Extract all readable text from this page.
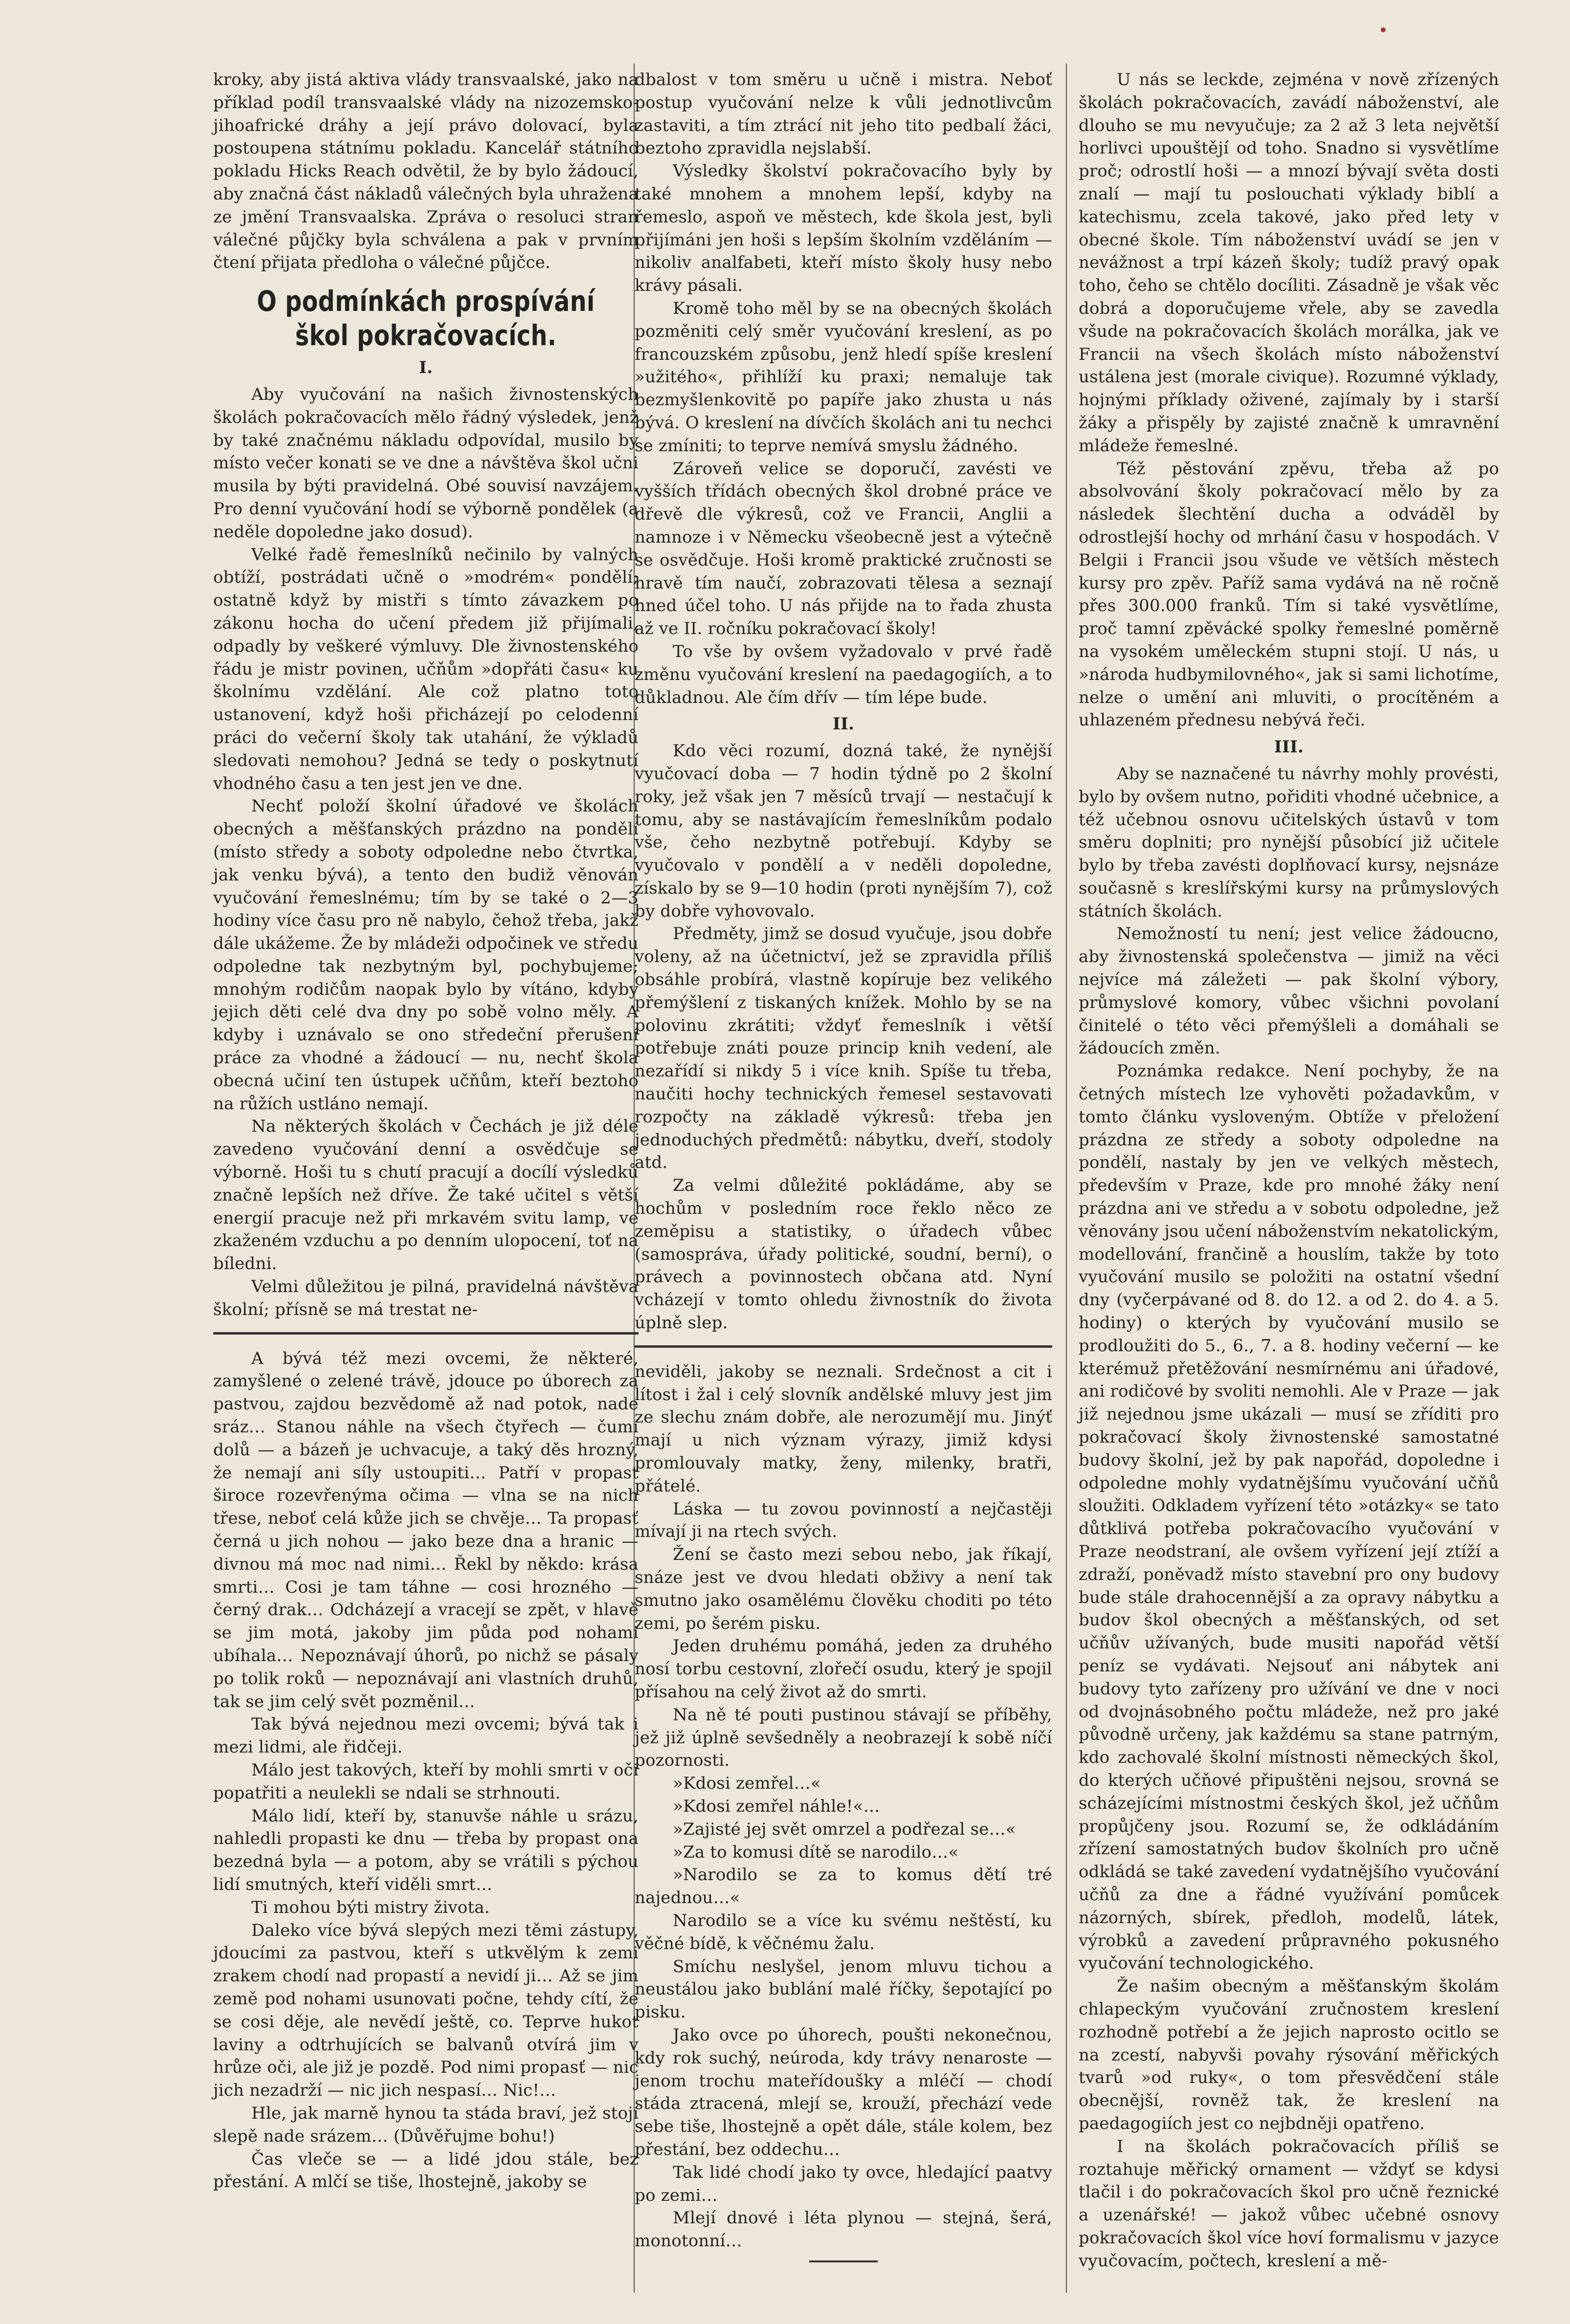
kroky, aby jistá aktiva vlády transvaalské, jako na příklad podíl transvaalské vlády na nizozemsko-jihoafrické dráhy a její právo dolovací, byla postoupena státnímu pokladu. Kancelář státního pokladu Hicks Reach odvětil, že by bylo žádoucí, aby značná část nákladů válečných byla uhražena ze jmění Transvaalska. Zpráva o resoluci stran válečné půjčky byla schválena a pak v prvním čtení přijata předloha o válečné půjčce.

O podmínkách prospívání škol pokračovacích.
I.

Aby vyučování na našich živnostenských školách pokračovacích mělo řádný výsledek, jenž by také značnému nákladu odpovídal, musilo by místo večer konati se ve dne a návštěva škol učni musila by býti pravidelná. Obé souvisí navzájem. Pro denní vyučování hodí se výborně pondělek (a neděle dopoledne jako dosud).

Velké řadě řemeslníků nečinilo by valných obtíží, postrádati učně o »modrém« pondělí; ostatně když by mistři s tímto závazkem po zákonu hocha do učení předem již přijímali, odpadly by veškeré výmluvy. Dle živnostenského řádu je mistr povinen, učňům »dopřáti času« ku školnímu vzdělání. Ale což platno toto ustanovení, když hoši přicházejí po celodenní práci do večerní školy tak utahání, že výkladů sledovati nemohou? Jedná se tedy o poskytnutí vhodného času a ten jest jen ve dne.

Nechť položí školní úřadové ve školách obecných a měšťanských prázdno na pondělí (místo středy a soboty odpoledne nebo čtvrtka, jak venku bývá), a tento den budiž věnován vyučování řemeslnému; tím by se také o 2—3 hodiny více času pro ně nabylo, čehož třeba, jakž dále ukážeme. Že by mládeži odpočinek ve středu odpoledne tak nezbytným byl, pochybujeme; mnohým rodičům naopak bylo by vítáno, kdyby jejich děti celé dva dny po sobě volno měly. A kdyby i uznávalo se ono středeční přerušení práce za vhodné a žádoucí — nu, nechť škola obecná učiní ten ústupek učňům, kteří beztoho na růžích ustláno nemají.

Na některých školách v Čechách je již déle zavedeno vyučování denní a osvědčuje se výborně. Hoši tu s chutí pracují a docílí výsledků značně lepších než dříve. Že také učitel s větší energií pracuje než při mrkavém svitu lamp, ve zkaženém vzduchu a po denním ulopocení, toť na bíledni.

Velmi důležitou je pilná, pravidelná návštěva školní; přísně se má trestat ne-

A bývá též mezi ovcemi, že některé, zamyšlené o zelené trávě, jdouce po úborech za pastvou, zajdou bezvědomě až nad potok, nade sráz… Stanou náhle na všech čtyřech — čumí dolů — a bázeň je uchvacuje, a taký děs hrozný, že nemají ani síly ustoupiti… Patří v propast široce rozevřenýma očima — vlna se na nich třese, neboť celá kůže jich se chvěje… Ta propasť černá u jich nohou — jako beze dna a hranic — divnou má moc nad nimi… Řekl by někdo: krása smrti… Cosi je tam táhne — cosi hrozného — černý drak… Odcházejí a vracejí se zpět, v hlavě se jim motá, jakoby jim půda pod nohami ubíhala… Nepoznávají úhorů, po nichž se pásaly po tolik roků — nepoznávají ani vlastních druhů, tak se jim celý svět pozměnil…

Tak bývá nejednou mezi ovcemi; bývá tak i mezi lidmi, ale řidčeji.

Málo jest takových, kteří by mohli smrti v oči popatřiti a neulekli se ndali se strhnouti.

Málo lidí, kteří by, stanuvše náhle u srázu, nahledli propasti ke dnu — třeba by propast ona bezedná byla — a potom, aby se vrátili s pýchou lidí smutných, kteří viděli smrt…

Ti mohou býti mistry života.

Daleko více bývá slepých mezi těmi zástupy, jdoucími za pastvou, kteří s utkvělým k zemi zrakem chodí nad propastí a nevidí ji… Až se jim země pod nohami usunovati počne, tehdy cítí, že se cosi děje, ale nevědí ještě, co. Teprve hukot laviny a odtrhujících se balvanů otvírá jim v hrůze oči, ale již je pozdě. Pod nimi propasť — nic jich nezadrží — nic jich nespasí… Nic!…

Hle, jak marně hynou ta stáda braví, jež stojí slepě nade srázem… (Důvěřujme bohu!)

Čas vleče se — a lidé jdou stále, bez přestání. A mlčí se tiše, lhostejně, jakoby se

dbalost v tom směru u učně i mistra. Neboť postup vyučování nelze k vůli jednotlivcům zastaviti, a tím ztrácí nit jeho tito pedbalí žáci, beztoho zpravidla nejslabší.

Výsledky školství pokračovacího byly by také mnohem a mnohem lepší, kdyby na řemeslo, aspoň ve městech, kde škola jest, byli přijímáni jen hoši s lepším školním vzděláním — nikoliv analfabeti, kteří místo školy husy nebo krávy pásali.

Kromě toho měl by se na obecných školách pozměniti celý směr vyučování kreslení, as po francouzském způsobu, jenž hledí spíše kreslení »užitého«, přihlíží ku praxi; nemaluje tak bezmyšlenkovitě po papíře jako zhusta u nás bývá. O kreslení na dívčích školách ani tu nechci se zmíniti; to teprve nemívá smyslu žádného.

Zároveň velice se doporučí, zavésti ve vyšších třídách obecných škol drobné práce ve dřevě dle výkresů, což ve Francii, Anglii a namnoze i v Německu všeobecně jest a výtečně se osvědčuje. Hoši kromě praktické zručnosti se hravě tím naučí, zobrazovati tělesa a seznají hned účel toho. U nás přijde na to řada zhusta až ve II. ročníku pokračovací školy!

To vše by ovšem vyžadovalo v prvé řadě změnu vyučování kreslení na paedagogiích, a to důkladnou. Ale čím dřív — tím lépe bude.

II.

Kdo věci rozumí, dozná také, že nynější vyučovací doba — 7 hodin týdně po 2 školní roky, jež však jen 7 měsíců trvají — nestačují k tomu, aby se nastávajícím řemeslníkům podalo vše, čeho nezbytně potřebují. Kdyby se vyučovalo v pondělí a v neděli dopoledne, získalo by se 9—10 hodin (proti nynějším 7), což by dobře vyhovovalo.

Předměty, jimž se dosud vyučuje, jsou dobře voleny, až na účetnictví, jež se zpravidla příliš obsáhle probírá, vlastně kopíruje bez velikého přemýšlení z tiskaných knížek. Mohlo by se na polovinu zkrátiti; vždyť řemeslník i větší potřebuje znáti pouze princip knih vedení, ale nezařídí si nikdy 5 i více knih. Spíše tu třeba, naučiti hochy technických řemesel sestavovati rozpočty na základě výkresů: třeba jen jednoduchých předmětů: nábytku, dveří, stodoly atd.

Za velmi důležité pokládáme, aby se hochům v posledním roce řeklo něco ze zeměpisu a statistiky, o úřadech vůbec (samospráva, úřady politické, soudní, berní), o právech a povinnostech občana atd. Nyní vcházejí v tomto ohledu živnostník do života úplně slep.

neviděli, jakoby se neznali. Srdečnost a cit i lítost i žal i celý slovník andělské mluvy jest jim ze slechu znám dobře, ale nerozumějí mu. Jinýť mají u nich význam výrazy, jimiž kdysi promlouvaly matky, ženy, milenky, bratři, přátelé.

Láska — tu zovou povinností a nejčastěji mívají ji na rtech svých.

Žení se často mezi sebou nebo, jak říkají, snáze jest ve dvou hledati obživy a není tak smutno jako osamělému člověku choditi po této zemi, po šerém pisku.

Jeden druhému pomáhá, jeden za druhého nosí torbu cestovní, zlořečí osudu, který je spojil přísahou na celý život až do smrti.

Na ně té pouti pustinou stávají se příběhy, jež již úplně sevšedněly a neobrazejí k sobě níčí pozornosti.

»Kdosi zemřel…«

»Kdosi zemřel náhle!«…

»Zajisté jej svět omrzel a podřezal se…«

»Za to komusi dítě se narodilo…«

»Narodilo se za to komus dětí tré najednou…«

Narodilo se a více ku svému neštěstí, ku věčné bídě, k věčnému žalu.

Smíchu neslyšel, jenom mluvu tichou a neustálou jako bublání malé říčky, šepotající po pisku.

Jako ovce po úhorech, poušti nekonečnou, kdy rok suchý, neúroda, kdy trávy nenaroste — jenom trochu mateřídoušky a mléčí — chodí stáda ztracená, mlejí se, krouží, přechází vede sebe tiše, lhostejně a opět dále, stále kolem, bez přestání, bez oddechu…

Tak lidé chodí jako ty ovce, hledající paatvy po zemi…

Mlejí dnové i léta plynou — stejná, šerá, monotonní…

U nás se leckde, zejména v nově zřízených školách pokračovacích, zavádí náboženství, ale dlouho se mu nevyučuje; za 2 až 3 leta největší horlivci upouštějí od toho. Snadno si vysvětlíme proč; odrostlí hoši — a mnozí bývají světa dosti znalí — mají tu poslouchati výklady biblí a katechismu, zcela takové, jako před lety v obecné škole. Tím náboženství uvádí se jen v nevážnost a trpí kázeň školy; tudíž pravý opak toho, čeho se chtělo docíliti. Zásadně je však věc dobrá a doporučujeme vřele, aby se zavedla všude na pokračovacích školách morálka, jak ve Francii na všech školách místo náboženství ustálena jest (morale civique). Rozumné výklady, hojnými příklady oživené, zajímaly by i starší žáky a přispěly by zajisté značně k umravnění mládeže řemeslné.

Též pěstování zpěvu, třeba až po absolvování školy pokračovací mělo by za následek šlechtění ducha a odváděl by odrostlejší hochy od mrhání času v hospodách. V Belgii i Francii jsou všude ve větších městech kursy pro zpěv. Paříž sama vydává na ně ročně přes 300.000 franků. Tím si také vysvětlíme, proč tamní zpěvácké spolky řemeslné poměrně na vysokém uměleckém stupni stojí. U nás, u »národa hudbymilovného«, jak si sami lichotíme, nelze o umění ani mluviti, o procítěném a uhlazeném přednesu nebývá řeči.

III.

Aby se naznačené tu návrhy mohly provésti, bylo by ovšem nutno, pořiditi vhodné učebnice, a též učebnou osnovu učitelských ústavů v tom směru doplniti; pro nynější působící již učitele bylo by třeba zavésti doplňovací kursy, nejsnáze současně s kreslířskými kursy na průmyslových státních školách.

Nemožností tu není; jest velice žádoucno, aby živnostenská společenstva — jimiž na věci nejvíce má záležeti — pak školní výbory, průmyslové komory, vůbec všichni povolaní činitelé o této věci přemýšleli a domáhali se žádoucích změn.

Poznámka redakce. Není pochyby, že na četných místech lze vyhověti požadavkům, v tomto článku vysloveným. Obtíže v přeložení prázdna ze středy a soboty odpoledne na pondělí, nastaly by jen ve velkých městech, především v Praze, kde pro mnohé žáky není prázdna ani ve středu a v sobotu odpoledne, jež věnovány jsou učení náboženstvím nekatolickým, modellování, frančině a houslím, takže by toto vyučování musilo se položiti na ostatní všední dny (vyčerpávané od 8. do 12. a od 2. do 4. a 5. hodiny) o kterých by vyučování musilo se prodloužiti do 5., 6., 7. a 8. hodiny večerní — ke kterémuž přetěžování nesmírnému ani úřadové, ani rodičové by svoliti nemohli. Ale v Praze — jak již nejednou jsme ukázali — musí se zříditi pro pokračovací školy živnostenské samostatné budovy školní, jež by pak napořád, dopoledne i odpoledne mohly vydatnějšímu vyučování učňů sloužiti. Odkladem vyřízení této »otázky« se tato důtklivá potřeba pokračovacího vyučování v Praze neodstraní, ale ovšem vyřízení její ztíží a zdraží, poněvadž místo stavební pro ony budovy bude stále drahocennější a za opravy nábytku a budov škol obecných a měšťanských, od set učňův užívaných, bude musiti napořád větší peníz se vydávati. Nejsouť ani nábytek ani budovy tyto zařízeny pro užívání ve dne v noci od dvojnásobného počtu mládeže, než pro jaké původně určeny, jak každému sa stane patrným, kdo zachovalé školní místnosti německých škol, do kterých učňové připuštěni nejsou, srovná se scházejícími místnostmi českých škol, jež učňům propůjčeny jsou. Rozumí se, že odkládáním zřízení samostatných budov školních pro učně odkládá se také zavedení vydatnějšího vyučování učňů za dne a řádné využívání pomůcek názorných, sbírek, předloh, modelů, látek, výrobků a zavedení průpravného pokusného vyučování technologického.

Že našim obecným a měšťanským školám chlapeckým vyučování zručnostem kreslení rozhodně potřebí a že jejich naprosto ocitlo se na zcestí, nabyvši povahy rýsování měřických tvarů »od ruky«, o tom přesvědčení stále obecnější, rovněž tak, že kreslení na paedagogiích jest co nejbdněji opatřeno.

I na školách pokračovacích příliš se roztahuje měřický ornament — vždyť se kdysi tlačil i do pokračovacích škol pro učně řeznické a uzenářské! — jakož vůbec učebné osnovy pokračovacích škol více hoví formalismu v jazyce vyučovacím, počtech, kreslení a mě-
